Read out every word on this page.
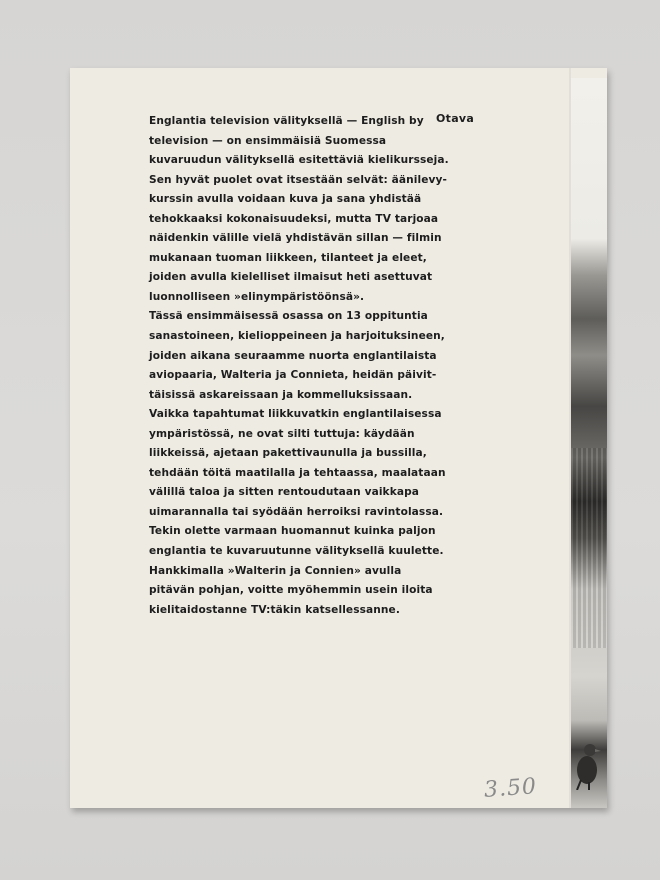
Otava
Englantia television välityksellä — English by
television — on ensimmäisiä Suomessa
kuvaruudun välityksellä esitettäviä kielikursseja.
Sen hyvät puolet ovat itsestään selvät: äänilevy-
kurssin avulla voidaan kuva ja sana yhdistää
tehokkaaksi kokonaisuudeksi, mutta TV tarjoaa
näidenkin välille vielä yhdistävän sillan — filmin
mukanaan tuoman liikkeen, tilanteet ja eleet,
joiden avulla kielelliset ilmaisut heti asettuvat
luonnolliseen »elinympäristöönsä».
Tässä ensimmäisessä osassa on 13 oppituntia
sanastoineen, kielioppeineen ja harjoituksineen,
joiden aikana seuraamme nuorta englantilaista
aviopaaria, Walteria ja Connieta, heidän päivit-
täisissä askareissaan ja kommelluksissaan.
Vaikka tapahtumat liikkuvatkin englantilaisessa
ympäristössä, ne ovat silti tuttuja: käydään
liikkeissä, ajetaan pakettivaunulla ja bussilla,
tehdään töitä maatilalla ja tehtaassa, maalataan
välillä taloa ja sitten rentoudutaan vaikkapa
uimarannalla tai syödään herroiksi ravintolassa.
Tekin olette varmaan huomannut kuinka paljon
englantia te kuvaruutunne välityksellä kuulette.
Hankkimalla »Walterin ja Connien» avulla
pitävän pohjan, voitte myöhemmin usein iloita
kielitaidostanne TV:täkin katsellessanne.
3.50
